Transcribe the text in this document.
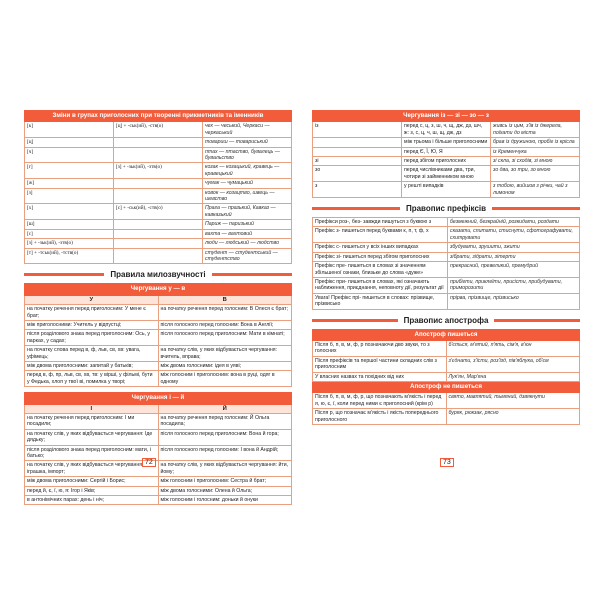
Зміни в групах приголосних при творенні прикметників та іменників		
[к]	[ц] + -ськ(ий), -ств(о)	чех — чеський, Черкаси — черкаський
[ц]		товариш — товариський
[ч]		птах — птаство, бувалець — бувальство
[г]	[з] + -зьк(ий), -зтв(о)	козак — козацький, кравець — кравецький
[ж]		чумак — чумацький
[з]		ковок — козацтво, швець — шевство
[х]	[с] + -ськ(ий), -ств(о)	Прага — празький, Кавказ — кавказький
[ш]		Париж — паризький
[с]		вахта — вахтовий
[з] + -зьк(ий), -зтв(о)		люди — людський — людство
[т] + -тськ(ий), -тств(о)		студент — студентський — студентство
Правила милозвучності
Чергування у — в	
У	В
на початку речення перед приголосним: У мене є брат;	на початку речення перед голосним: В Олеся є брат;
між приголосними: Учитель у відпустці;	після голосного перед голосним: Вона в Англії;
після розділового знака перед приголосним: Ось, у парках, у садах;	після голосного перед приголосним: Мати в кімнаті;
на початку слова перед в, ф, льв, св, хв: увага, уфімець;	на початку слів, у яких відбувається чергування: вчитель, вправа;
між двома приголосними: запитай у батьків;	між двома голосними: ідея в уяві;
перед в, ф, пр, льв, св, хв, тв: у вірші, у фільмі, бути у Федька, хлоп у твої ві, помилка у творі;	між голосним і приголосним: вона в руці, одяг в одному
Чергування і — й	
І	Й
на початку речення перед приголосним: І ми посадили;	на початку речення перед голосним: Й Ольга посадила;
на початку слів, у яких відбувається чергування: Іде дядьку;	після голосного перед приголосним: Вона й гора;
після розділового знака перед приголосним: мати, і батько;	після голосного перед голосним: І вона й Андрій;
на початку слів, у яких відбувається чергування: іграшка, імпорт;	на початку слів, у яких відбувається чергування: йти, йому;
між двома приголосними: Сергій і Борис;	між голосним і приголосним: Сестра й брат;
перед й, є, ї, ю, я: Ігор і Яків;	між двома голосними: Олена й Ольга;
в антонімічних парах: день і ніч;	між голосним і голосним: доньки й онуки
72
Чергування із — зі — зо — з		
із	перед с, ц, з, ш, ч, щ, дж, дз, шч, ж: з, с, ц, ч, ш, щ, дж, дз	живсь із цим, з'їв із джерела, поїхати до міста
	між трьома і більше приголосними	брав із дружиною, пробіг із крісла
	перед Є, Ї, Ю, Я	із Кременчука
зі	перед збігом приголосних	зі скла, зі сходів, зі мною
зо	перед числівниками два, три, чотири зі займенником мною	зо два, зо три, зо мною
з	у решті випадків	з тобою, вийшов з річки, чай з лимоном
Правопис префіксів
Префікси роз-, без- завжди пишуться з буквою з	безмежний, безкрайній, розкидати, роздати
Префікс з- пишеться перед буквами к, п, т, ф, х	сказати, спитати, стиснути, сфотографувати, схитрувати
Префікс с- пишеться у всіх інших випадках	збудувати, зрушити, зжити
Префікс зі- пишеться перед збігом приголосних	зібрати, зідрати, зітерти
Префікс пре- пишеться в словах зі значенням збільшеної ознаки, близьке до слова «дуже»	прекрасний, превеликий, премудрий
Префікс при- пишеться в словах, які означають наближення, приєднання, неповноту дії, результат дії	прибігти, приклеїти, присісти, прибудувати, приморозити
Увага! Префікс прі- пишеться в словах: прізвище, прізвисько	прірва, прізвище, прізвисько
Правопис апострофа
Апостроф пишеться	
Після б, п, в, м, ф, р позначаючи дво звуки, то з голосних	б'ється, м'ятий, п'ять, сім'я, в'юн
Після префіксів та першої частини складних слів з приголосним	з'єднати, з'їсти, роз'їзд, пів'яблука, об'єм
У власних назвах та похідних від них	Лук'ян, Мар'яна
Апостроф не пишеться	
Після б, п, в, м, ф, р, що позначають м'якість і перед я, ю, є, ї, коли перед ними є приголосний (крім р)	свято, мавпятий, тьмяний, дзвякнути
Після р, що позначає м'якість і якість попереднього приголосного	буряк, рюкзак, рясно
73
